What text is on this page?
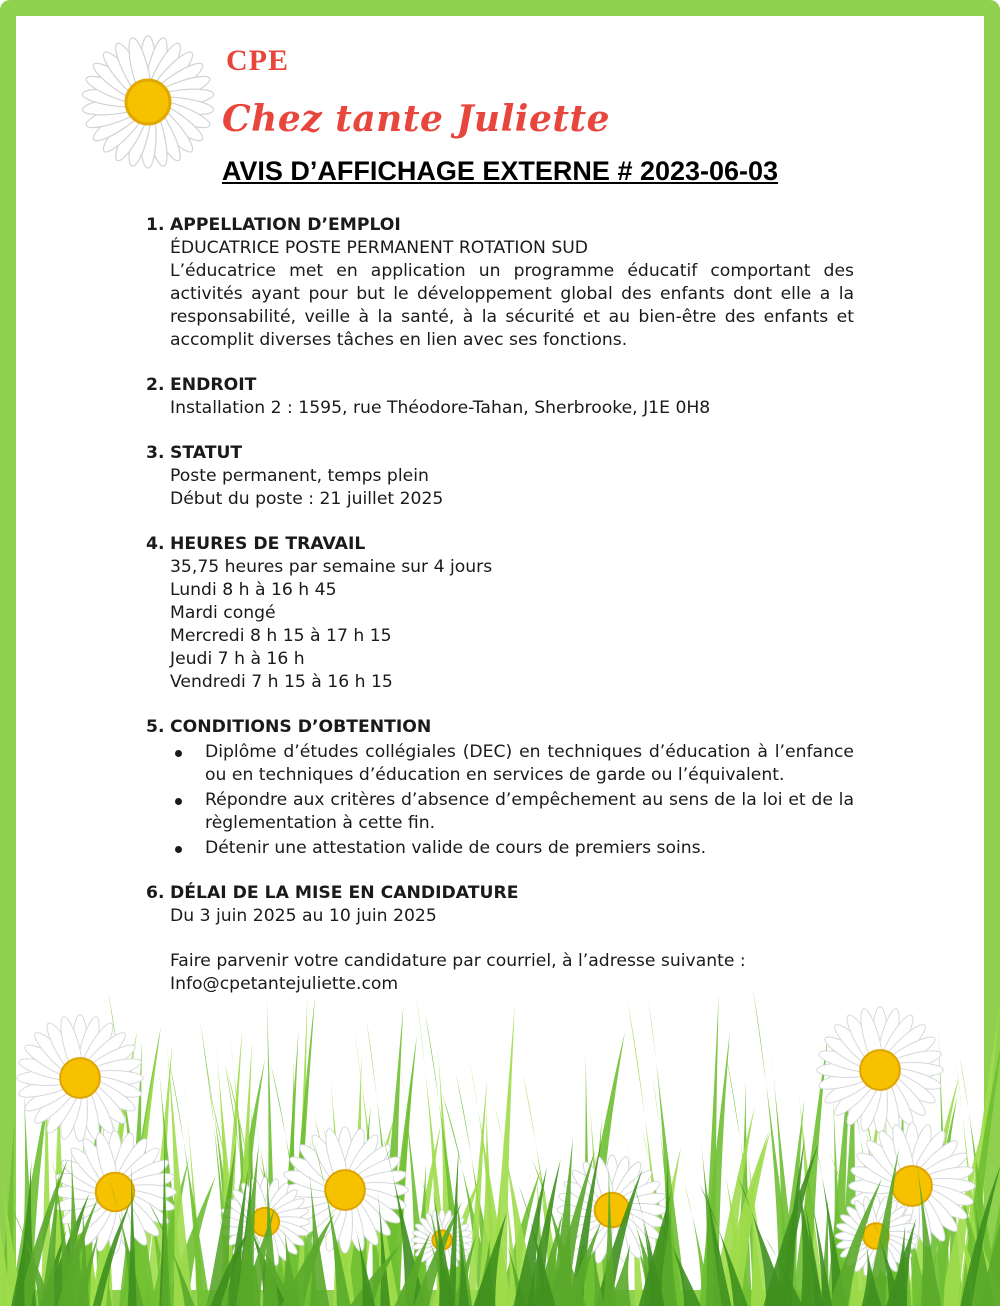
CPE
Chez tante Juliette
AVIS D’AFFICHAGE EXTERNE # 2023-06-03

1. APPELLATION D’EMPLOI

ÉDUCATRICE POSTE PERMANENT ROTATION SUD

L’éducatrice met en application un programme éducatif comportant des activités ayant pour but le développement global des enfants dont elle a la responsabilité, veille à la santé, à la sécurité et au bien-être des enfants et accomplit diverses tâches en lien avec ses fonctions.

2. ENDROIT

Installation 2 : 1595, rue Théodore-Tahan, Sherbrooke, J1E 0H8

3. STATUT

Poste permanent, temps plein

Début du poste : 21 juillet 2025

4. HEURES DE TRAVAIL

35,75 heures par semaine sur 4 jours

Lundi 8 h à 16 h 45

Mardi congé

Mercredi 8 h 15 à 17 h 15

Jeudi 7 h à 16 h

Vendredi 7 h 15 à 16 h 15

5. CONDITIONS D’OBTENTION

Diplôme d’études collégiales (DEC) en techniques d’éducation à l’enfance ou en techniques d’éducation en services de garde ou l’équivalent.
Répondre aux critères d’absence d’empêchement au sens de la loi et de la règlementation à cette fin.
Détenir une attestation valide de cours de premiers soins.

6. DÉLAI DE LA MISE EN CANDIDATURE

Du 3 juin 2025 au 10 juin 2025

Faire parvenir votre candidature par courriel, à l’adresse suivante :

Info@cpetantejuliette.com
